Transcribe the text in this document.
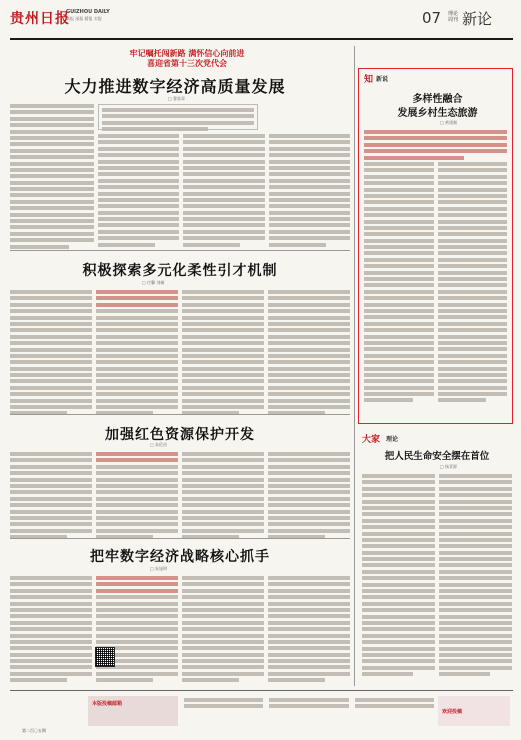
贵州日报
GUIZHOU DAILY
真报 深报 精报 实报	07 理论周刊 新论
牢记嘱托闯新路 满怀信心向前进
喜迎省第十三次党代会
大力推进数字经济高质量发展
□ 曹富章
积极探索多元化柔性引才机制
□ 付馨 刘娴
加强红色资源保护开发
□ 朱伦昌
把牢数字经济战略核心抓手
□ 朱旭明
知 新说
多样性融合
发展乡村生态旅游
□ 黄建湘
大家 理论
把人民生命安全摆在首位
□ 杨青源
本版投稿邮箱
欢迎投稿
第二百〇五期
